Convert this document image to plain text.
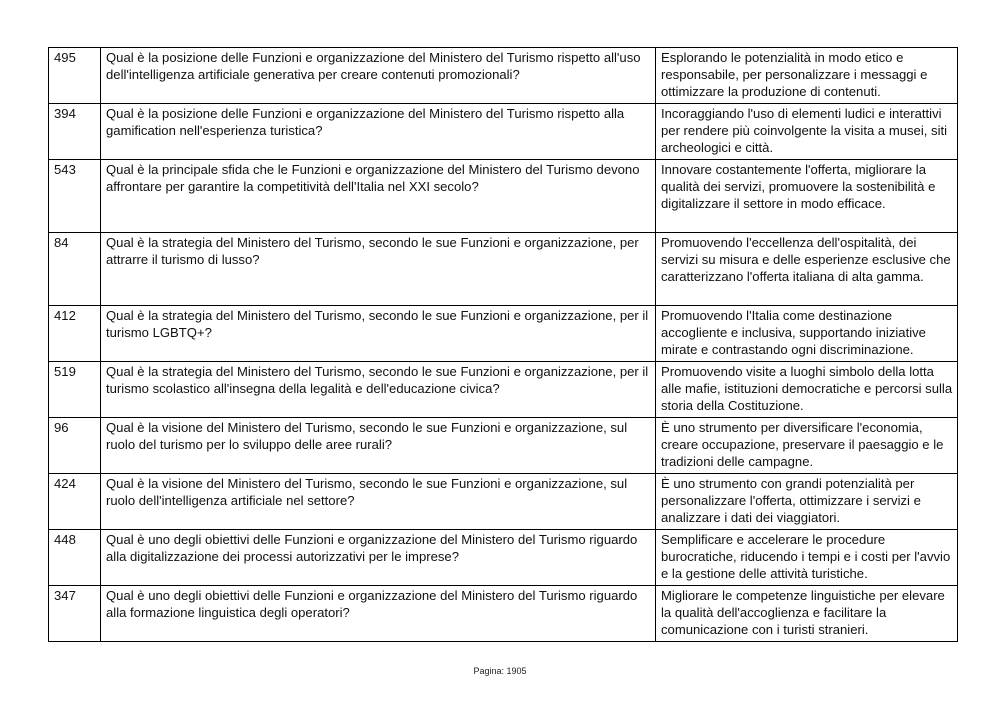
495	Qual è la posizione delle Funzioni e organizzazione del Ministero del Turismo rispetto all'uso dell'intelligenza artificiale generativa per creare contenuti promozionali?	Esplorando le potenzialità in modo etico e responsabile, per personalizzare i messaggi e ottimizzare la produzione di contenuti.
394	Qual è la posizione delle Funzioni e organizzazione del Ministero del Turismo rispetto alla gamification nell'esperienza turistica?	Incoraggiando l'uso di elementi ludici e interattivi per rendere più coinvolgente la visita a musei, siti archeologici e città.
543	Qual è la principale sfida che le Funzioni e organizzazione del Ministero del Turismo devono affrontare per garantire la competitività dell'Italia nel XXI secolo?	Innovare costantemente l'offerta, migliorare la qualità dei servizi, promuovere la sostenibilità e digitalizzare il settore in modo efficace.
84	Qual è la strategia del Ministero del Turismo, secondo le sue Funzioni e organizzazione, per attrarre il turismo di lusso?	Promuovendo l'eccellenza dell'ospitalità, dei servizi su misura e delle esperienze esclusive che caratterizzano l'offerta italiana di alta gamma.
412	Qual è la strategia del Ministero del Turismo, secondo le sue Funzioni e organizzazione, per il turismo LGBTQ+?	Promuovendo l'Italia come destinazione accogliente e inclusiva, supportando iniziative mirate e contrastando ogni discriminazione.
519	Qual è la strategia del Ministero del Turismo, secondo le sue Funzioni e organizzazione, per il turismo scolastico all'insegna della legalità e dell'educazione civica?	Promuovendo visite a luoghi simbolo della lotta alle mafie, istituzioni democratiche e percorsi sulla storia della Costituzione.
96	Qual è la visione del Ministero del Turismo, secondo le sue Funzioni e organizzazione, sul ruolo del turismo per lo sviluppo delle aree rurali?	È uno strumento per diversificare l'economia, creare occupazione, preservare il paesaggio e le tradizioni delle campagne.
424	Qual è la visione del Ministero del Turismo, secondo le sue Funzioni e organizzazione, sul ruolo dell'intelligenza artificiale nel settore?	È uno strumento con grandi potenzialità per personalizzare l'offerta, ottimizzare i servizi e analizzare i dati dei viaggiatori.
448	Qual è uno degli obiettivi delle Funzioni e organizzazione del Ministero del Turismo riguardo alla digitalizzazione dei processi autorizzativi per le imprese?	Semplificare e accelerare le procedure burocratiche, riducendo i tempi e i costi per l'avvio e la gestione delle attività turistiche.
347	Qual è uno degli obiettivi delle Funzioni e organizzazione del Ministero del Turismo riguardo alla formazione linguistica degli operatori?	Migliorare le competenze linguistiche per elevare la qualità dell'accoglienza e facilitare la comunicazione con i turisti stranieri.
Pagina: 1905
